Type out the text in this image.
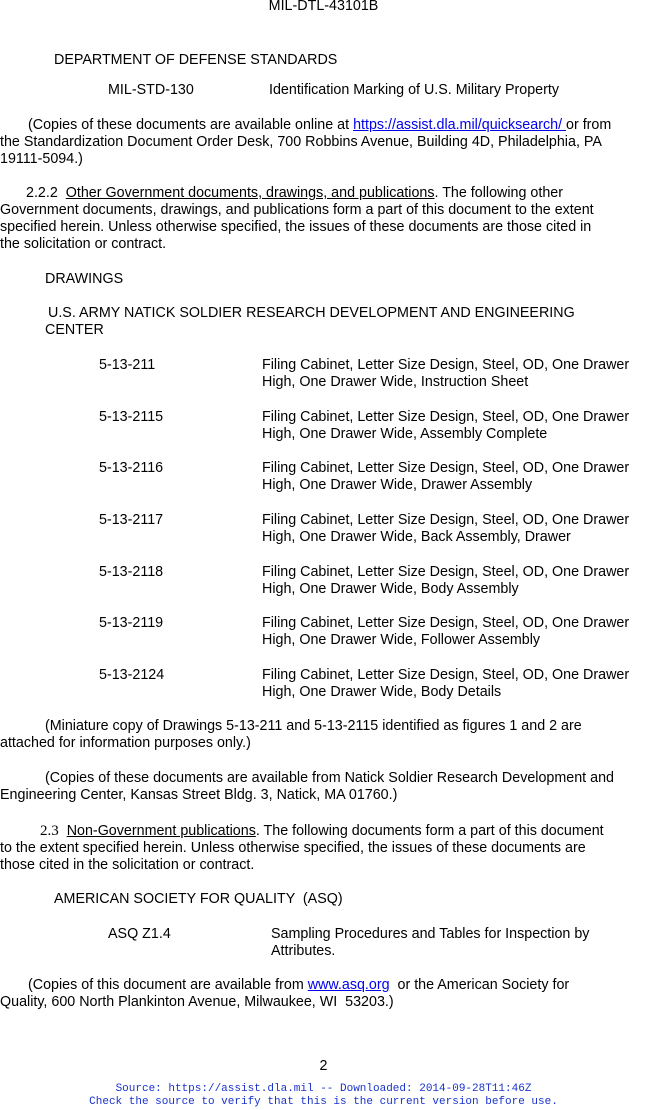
MIL-DTL-43101B
DEPARTMENT OF DEFENSE STANDARDS
MIL-STD-130	Identification Marking of U.S. Military Property
(Copies of these documents are available online at https://assist.dla.mil/quicksearch/ or from
the Standardization Document Order Desk, 700 Robbins Avenue, Building 4D, Philadelphia, PA
19111-5094.)
2.2.2 Other Government documents, drawings, and publications. The following other
Government documents, drawings, and publications form a part of this document to the extent
specified herein. Unless otherwise specified, the issues of these documents are those cited in
the solicitation or contract.
DRAWINGS
U.S. ARMY NATICK SOLDIER RESEARCH DEVELOPMENT AND ENGINEERING
CENTER
5-13-211	Filing Cabinet, Letter Size Design, Steel, OD, One Drawer
High, One Drawer Wide, Instruction Sheet
5-13-2115	Filing Cabinet, Letter Size Design, Steel, OD, One Drawer
High, One Drawer Wide, Assembly Complete
5-13-2116	Filing Cabinet, Letter Size Design, Steel, OD, One Drawer
High, One Drawer Wide, Drawer Assembly
5-13-2117	Filing Cabinet, Letter Size Design, Steel, OD, One Drawer
High, One Drawer Wide, Back Assembly, Drawer
5-13-2118	Filing Cabinet, Letter Size Design, Steel, OD, One Drawer
High, One Drawer Wide, Body Assembly
5-13-2119	Filing Cabinet, Letter Size Design, Steel, OD, One Drawer
High, One Drawer Wide, Follower Assembly
5-13-2124	Filing Cabinet, Letter Size Design, Steel, OD, One Drawer
High, One Drawer Wide, Body Details
(Miniature copy of Drawings 5-13-211 and 5-13-2115 identified as figures 1 and 2 are
attached for information purposes only.)
(Copies of these documents are available from Natick Soldier Research Development and
Engineering Center, Kansas Street Bldg. 3, Natick, MA 01760.)
2.3 Non-Government publications. The following documents form a part of this document
to the extent specified herein. Unless otherwise specified, the issues of these documents are
those cited in the solicitation or contract.
AMERICAN SOCIETY FOR QUALITY  (ASQ)
ASQ Z1.4	Sampling Procedures and Tables for Inspection by
Attributes.
(Copies of this document are available from www.asq.org  or the American Society for
Quality, 600 North Plankinton Avenue, Milwaukee, WI  53203.)
2
Source: https://assist.dla.mil -- Downloaded: 2014-09-28T11:46Z
Check the source to verify that this is the current version before use.
